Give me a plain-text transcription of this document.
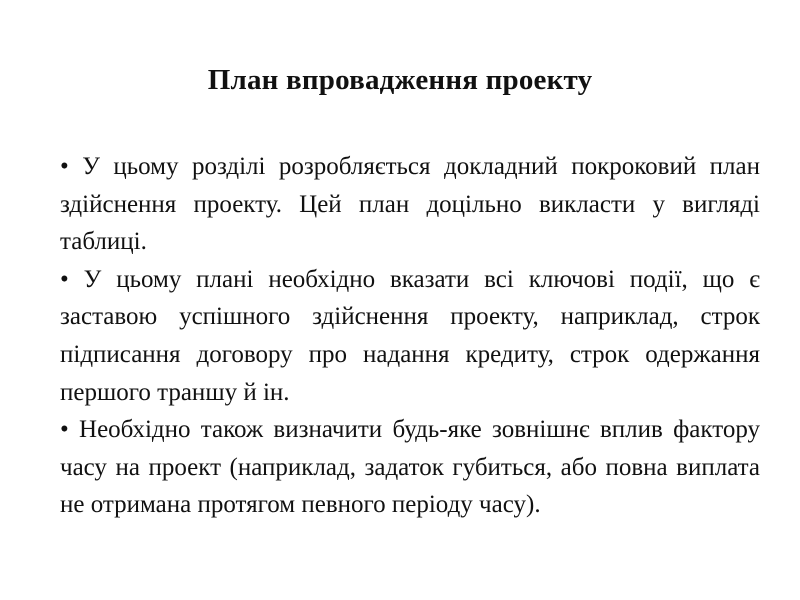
План впровадження проекту

• У цьому розділі розробляється докладний покроковий план здійснення проекту. Цей план доцільно викласти у вигляді таблиці.

• У цьому плані необхідно вказати всі ключові події, що є заставою успішного здійснення проекту, наприклад, строк підписання договору про надання кредиту, строк одержання першого траншу й ін.

• Необхідно також визначити будь-яке зовнішнє вплив фактору часу на проект (наприклад, задаток губиться, або повна виплата не отримана протягом певного періоду часу).
